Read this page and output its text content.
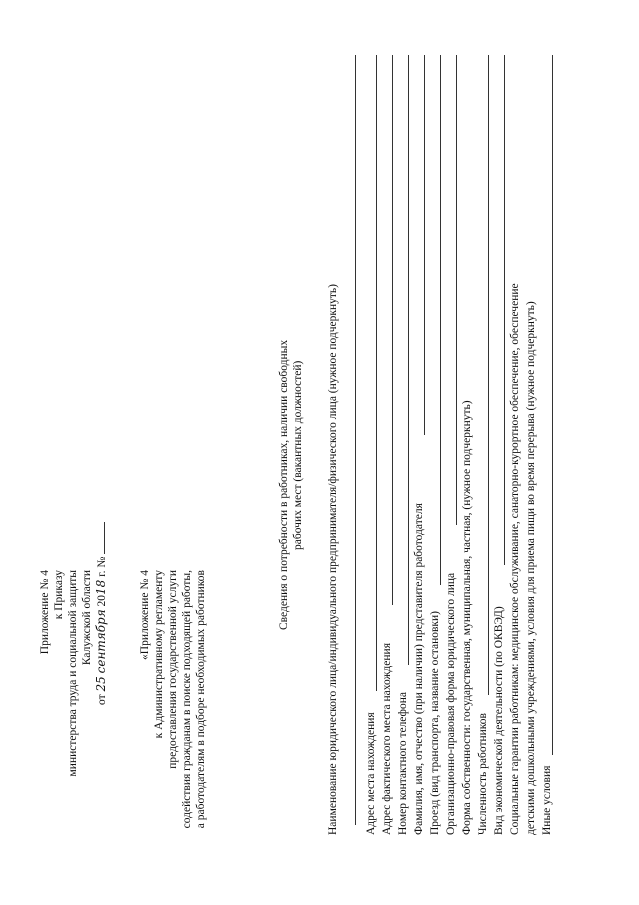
Приложение № 4 к Приказу министерства труда и социальной защиты Калужской области
от 25 сентября 2018 г. №
«Приложение № 4 к Административному регламенту предоставления государственной услуги содействия гражданам в поиске подходящей работы, а работодателям в подборе необходимых работников
Сведения о потребности в работниках, наличии свободных рабочих мест (вакантных должностей) Наименование юридического лица/индивидуального предпринимателя/физического лица (нужное подчеркнуть) Адрес места нахождения Адрес фактического места нахождения Номер контактного телефона Фамилия, имя, отчество (при наличии) представителя работодателя Проезд (вид транспорта, название остановки) Организационно-правовая форма юридического лица Форма собственности: государственная, муниципальная, частная, (нужное подчеркнуть) Численность работников Вид экономической деятельности (по ОКВЭД) Социальные гарантии работникам: медицинское обслуживание, санаторно-курортное обеспечение, обеспечение детскими дошкольными учреждениями, условия для приема пищи во время перерыва (нужное подчеркнуть) Иные условия
